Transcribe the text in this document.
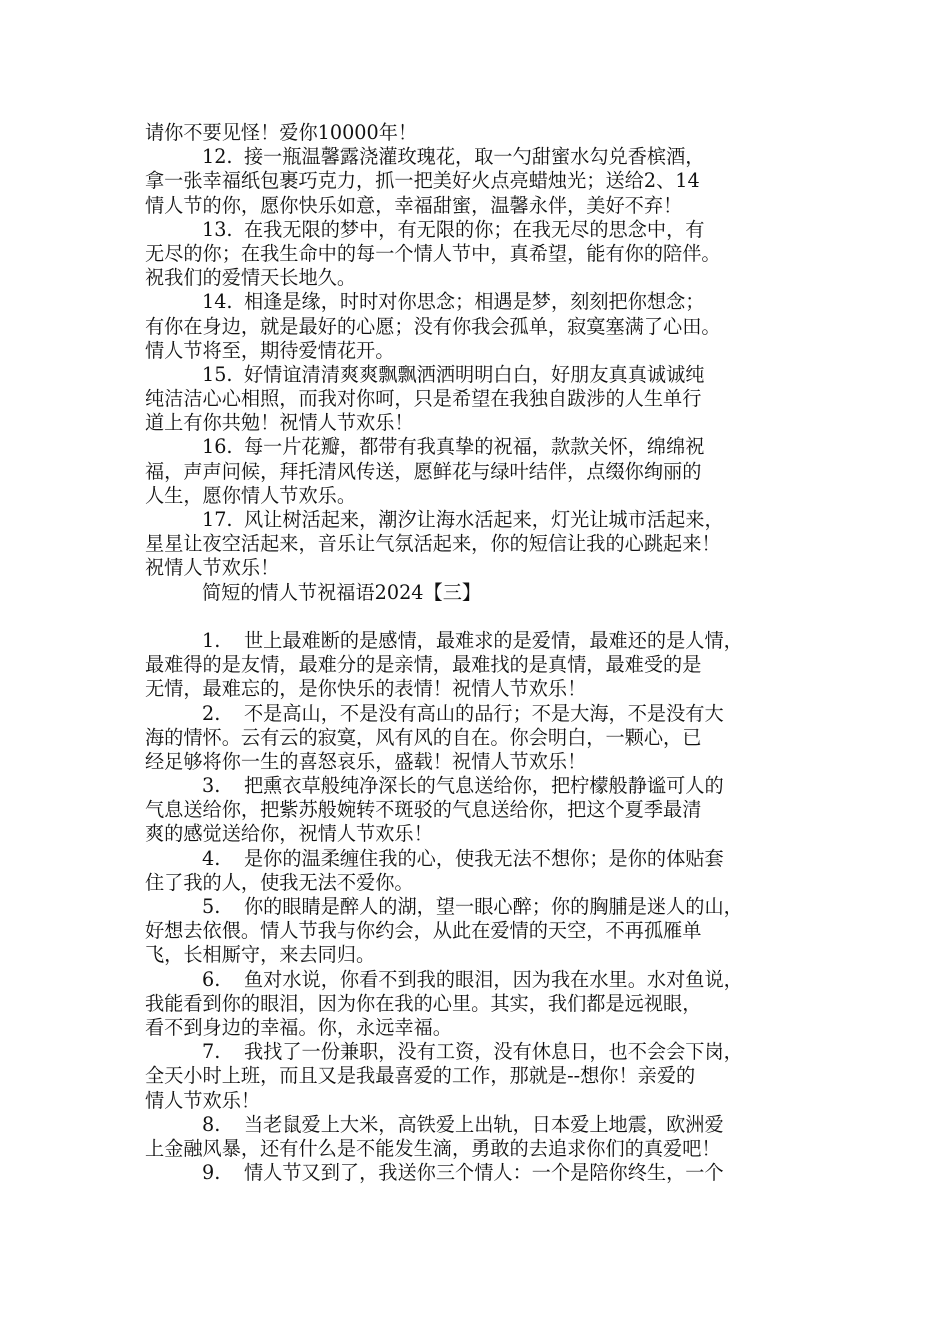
请你不要见怪！爱你10000年！
12. 接一瓶温馨露浇灌玫瑰花，取一勺甜蜜水勾兑香槟酒，
拿一张幸福纸包裹巧克力，抓一把美好火点亮蜡烛光；送给2、14
情人节的你，愿你快乐如意，幸福甜蜜，温馨永伴，美好不弃！
13. 在我无限的梦中，有无限的你；在我无尽的思念中，有
无尽的你；在我生命中的每一个情人节中，真希望，能有你的陪伴。
祝我们的爱情天长地久。
14. 相逢是缘，时时对你思念；相遇是梦，刻刻把你想念；
有你在身边，就是最好的心愿；没有你我会孤单，寂寞塞满了心田。
情人节将至，期待爱情花开。
15. 好情谊清清爽爽飘飘洒洒明明白白，好朋友真真诚诚纯
纯洁洁心心相照，而我对你呵，只是希望在我独自跋涉的人生单行
道上有你共勉！祝情人节欢乐！
16. 每一片花瓣，都带有我真挚的祝福，款款关怀，绵绵祝
福，声声问候，拜托清风传送，愿鲜花与绿叶结伴，点缀你绚丽的
人生，愿你情人节欢乐。
17. 风让树活起来，潮汐让海水活起来，灯光让城市活起来，
星星让夜空活起来，音乐让气氛活起来，你的短信让我的心跳起来！
祝情人节欢乐！
简短的情人节祝福语2024【三】
1. 世上最难断的是感情，最难求的是爱情，最难还的是人情，
最难得的是友情，最难分的是亲情，最难找的是真情，最难受的是
无情，最难忘的，是你快乐的表情！祝情人节欢乐！
2. 不是高山，不是没有高山的品行；不是大海，不是没有大
海的情怀。云有云的寂寞，风有风的自在。你会明白，一颗心，已
经足够将你一生的喜怒哀乐，盛载！祝情人节欢乐！
3. 把熏衣草般纯净深长的气息送给你，把柠檬般静谧可人的
气息送给你，把紫苏般婉转不斑驳的气息送给你，把这个夏季最清
爽的感觉送给你，祝情人节欢乐！
4. 是你的温柔缠住我的心，使我无法不想你；是你的体贴套
住了我的人，使我无法不爱你。
5. 你的眼睛是醉人的湖，望一眼心醉；你的胸脯是迷人的山，
好想去依偎。情人节我与你约会，从此在爱情的天空，不再孤雁单
飞，长相厮守，来去同归。
6. 鱼对水说，你看不到我的眼泪，因为我在水里。水对鱼说，
我能看到你的眼泪，因为你在我的心里。其实，我们都是远视眼，
看不到身边的幸福。你，永远幸福。
7. 我找了一份兼职，没有工资，没有休息日，也不会会下岗，
全天小时上班，而且又是我最喜爱的工作，那就是--想你！亲爱的
情人节欢乐！
8. 当老鼠爱上大米，高铁爱上出轨，日本爱上地震，欧洲爱
上金融风暴，还有什么是不能发生滴，勇敢的去追求你们的真爱吧！
9. 情人节又到了，我送你三个情人：一个是陪你终生，一个
